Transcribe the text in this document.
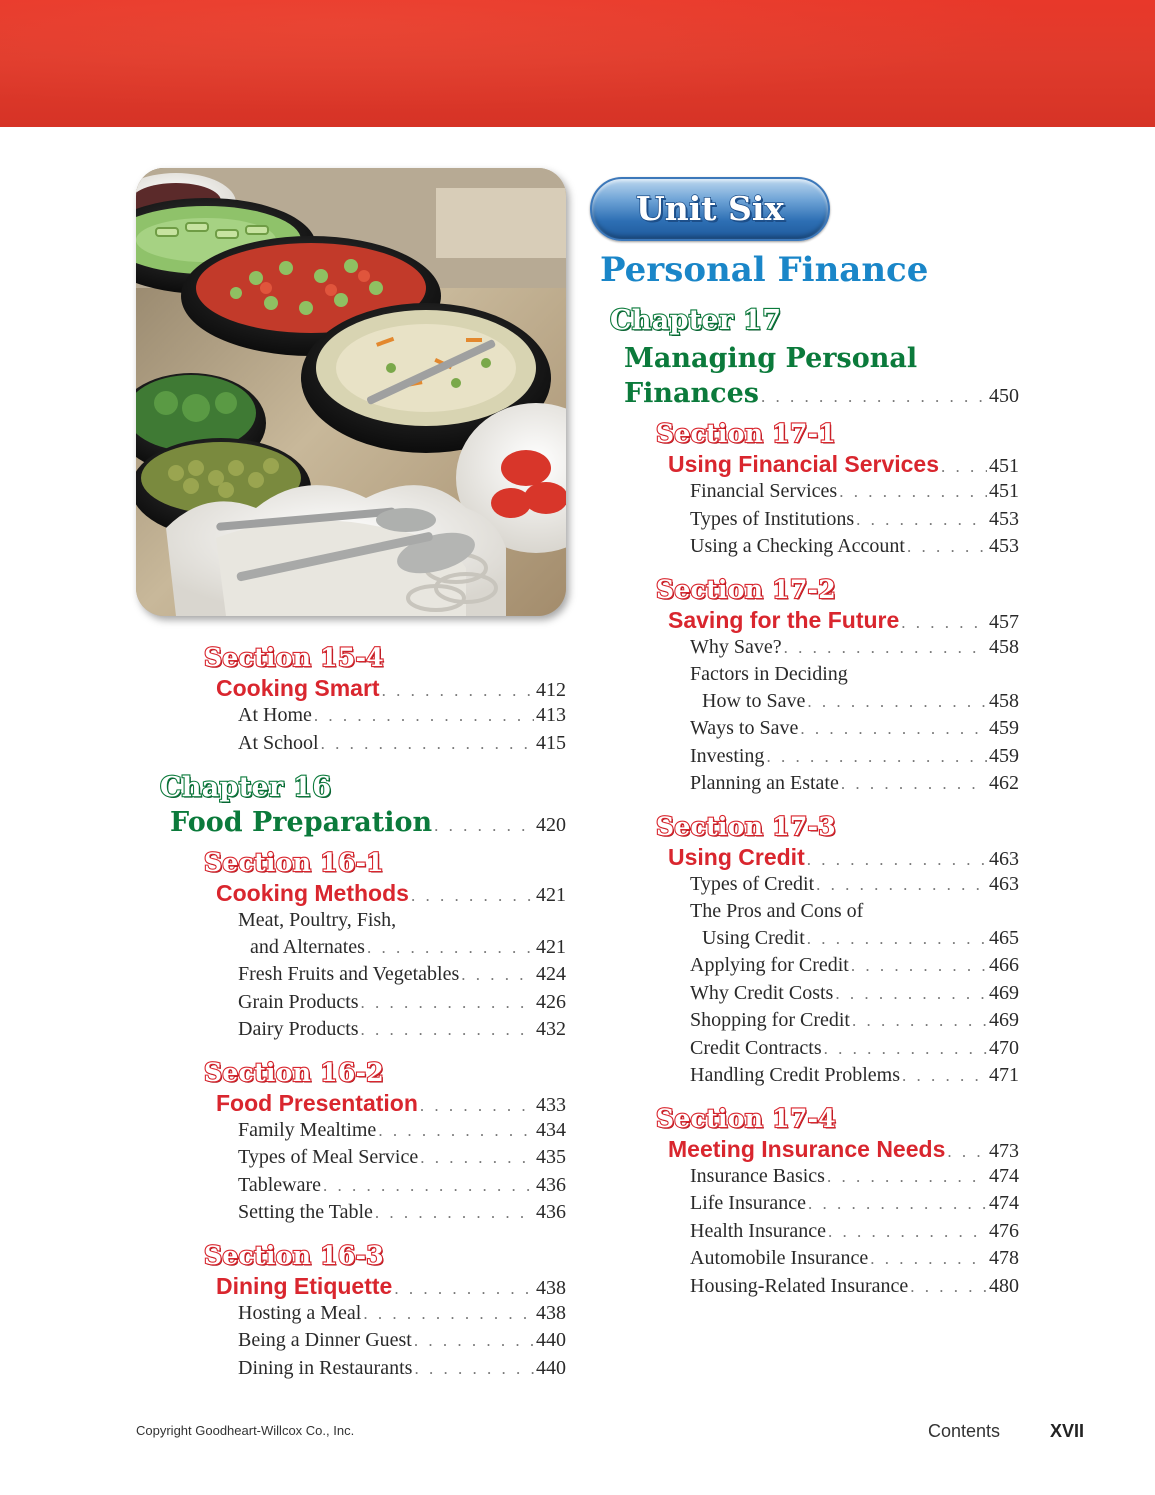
Unit Six
Personal Finance
Section 15-4
Cooking Smart . . .	412
At Home . . .	413
At School . . .	415
Chapter 16
Food Preparation . . .	420
Section 16-1
Cooking Methods . . .	421
Meat, Poultry, Fish,
and Alternates . . .	421
Fresh Fruits and Vegetables . . .	424
Grain Products . . .	426
Dairy Products . . .	432
Section 16-2
Food Presentation . . .	433
Family Mealtime . . .	434
Types of Meal Service . . .	435
Tableware . . .	436
Setting the Table . . .	436
Section 16-3
Dining Etiquette . . .	438
Hosting a Meal . . .	438
Being a Dinner Guest . . .	440
Dining in Restaurants . . .	440
Chapter 17
Managing Personal
Finances . . .	450
Section 17-1
Using Financial Services . . . 451
Financial Services . . .	451
Types of Institutions . . .	453
Using a Checking Account . . .	453
Section 17-2
Saving for the Future . . .	457
Why Save? . . .	458
Factors in Deciding
How to Save . . .	458
Ways to Save . . .	459
Investing . . .	459
Planning an Estate . . .	462
Section 17-3
Using Credit . . .	463
Types of Credit . . .	463
The Pros and Cons of
Using Credit . . .	465
Applying for Credit . . .	466
Why Credit Costs . . .	469
Shopping for Credit . . .	469
Credit Contracts . . .	470
Handling Credit Problems . . .	471
Section 17-4
Meeting Insurance Needs . . . 473
Insurance Basics . . .	474
Life Insurance . . .	474
Health Insurance . . .	476
Automobile Insurance . . .	478
Housing-Related Insurance . . .	480
Copyright Goodheart-Willcox Co., Inc.	Contents	XVII
